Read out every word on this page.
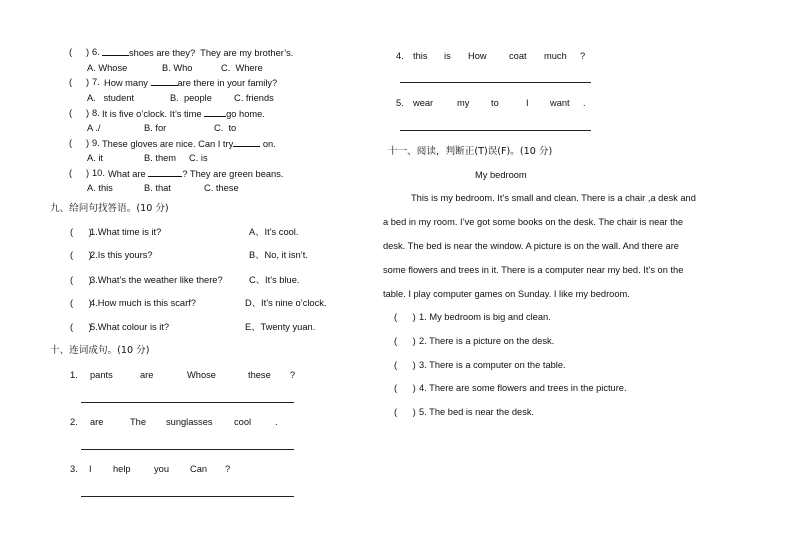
( ) 6.	shoes are they?  They are my brother’s.
A. Whose	B. Who	C.  Where
( ) 7. How many	are there in your family?
A.   student	B.  people C. friends
( ) 8. It is five o’clock. It’s time go home.
A ./	B. for	C.  to
( ) 9. These gloves are nice. Can I try	on.
A. it	B. them C. is
( ) 10. What are	? They are green beans.
A. this	B. that	C. these
九、给问句找答语。(10 分)
(      )
1.What time is it?	A、It’s cool.
(      )
2.Is this yours?	B、No, it isn’t.
(      )
3.What’s the weather like there?	C、It’s blue.
(      )
4.How much is this scarf?	D、It’s nine o’clock.
(      )
5.What colour is it?	E、Twenty yuan.
十、连词成句。(10 分)
1. pants	are	Whose	these ?
2. are	The sunglasses cool	.
3. I help	you Can ?
4. this is How coat much ?
5. wear	my to	I want .
十一、阅读，判断正(T)误(F)。(10 分)
My bedroom
This is my bedroom. It’s small and clean. There is a chair ,a desk and
a bed in my room. I’ve got some books on the desk. The chair is near the
desk. The bed is near the window. A picture is on the wall. And there are
some flowers and trees in it. There is a computer near my bed. It’s on the
table. I play computer games on Sunday. I like my bedroom.
(      ) 1. My bedroom is big and clean.
(      ) 2. There is a picture on the desk.
(      ) 3. There is a computer on the table.
(      ) 4. There are some flowers and trees in the picture.
(      ) 5. The bed is near the desk.
